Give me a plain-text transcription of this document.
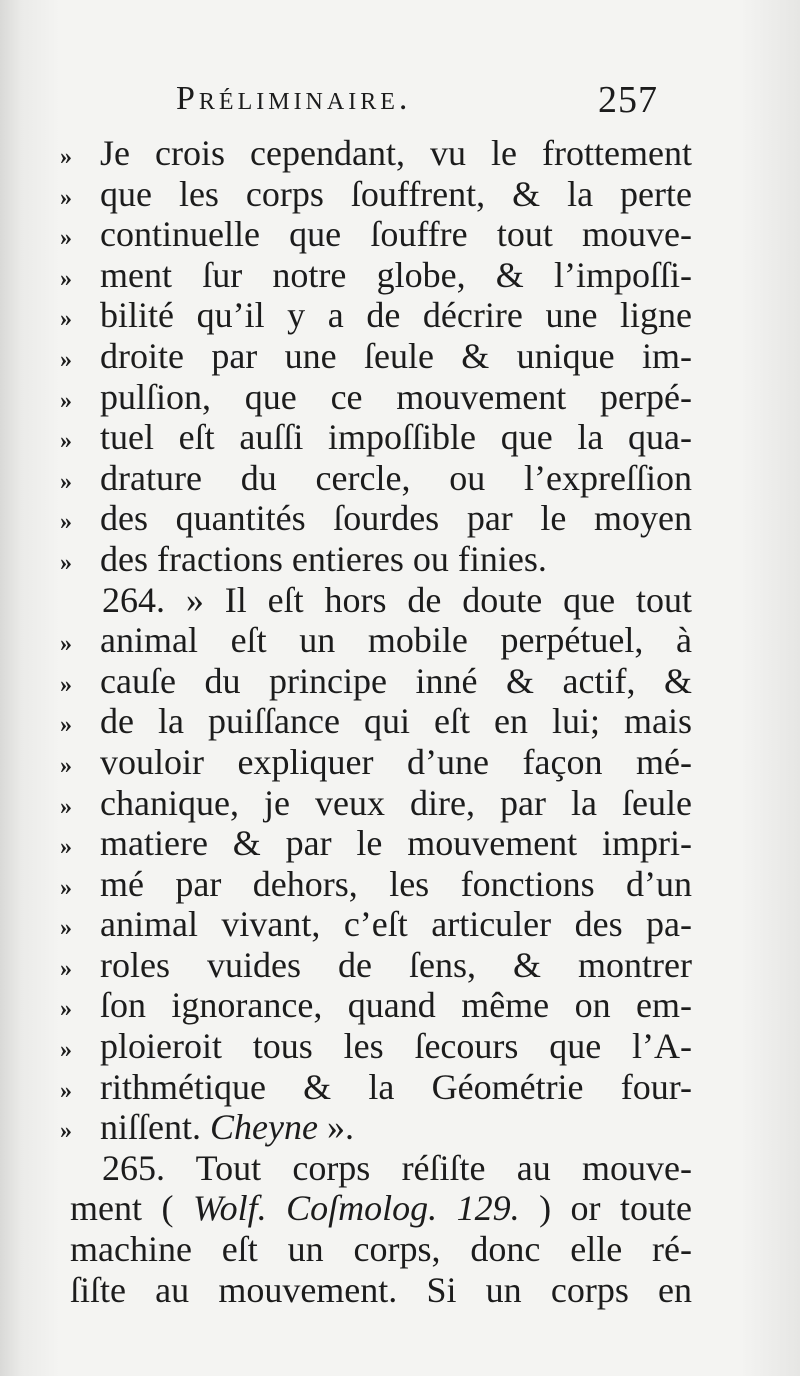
Préliminaire.	257
» Je crois cependant, vu le frottement
» que les corps ſouffrent, & la perte
» continuelle que ſouffre tout mouve-
» ment ſur notre globe, & l’impoſſi-
» bilité qu’il y a de décrire une ligne
» droite par une ſeule & unique im-
» pulſion, que ce mouvement perpé-
» tuel eſt auſſi impoſſible que la qua-
» drature du cercle, ou l’expreſſion
» des quantités ſourdes par le moyen
» des fractions entieres ou finies.
264. » Il eſt hors de doute que tout
» animal eſt un mobile perpétuel, à
» cauſe du principe inné & actif, &
» de la puiſſance qui eſt en lui; mais
» vouloir expliquer d’une façon mé-
» chanique, je veux dire, par la ſeule
» matiere & par le mouvement impri-
» mé par dehors, les fonctions d’un
» animal vivant, c’eſt articuler des pa-
» roles vuides de ſens, & montrer
» ſon ignorance, quand même on em-
» ploieroit tous les ſecours que l’A-
» rithmétique & la Géométrie four-
» niſſent. Cheyne ».
265. Tout corps réſiſte au mouve-
ment ( Wolf. Coſmolog. 129. ) or toute
machine eſt un corps, donc elle ré-
ſiſte au mouvement. Si un corps en
